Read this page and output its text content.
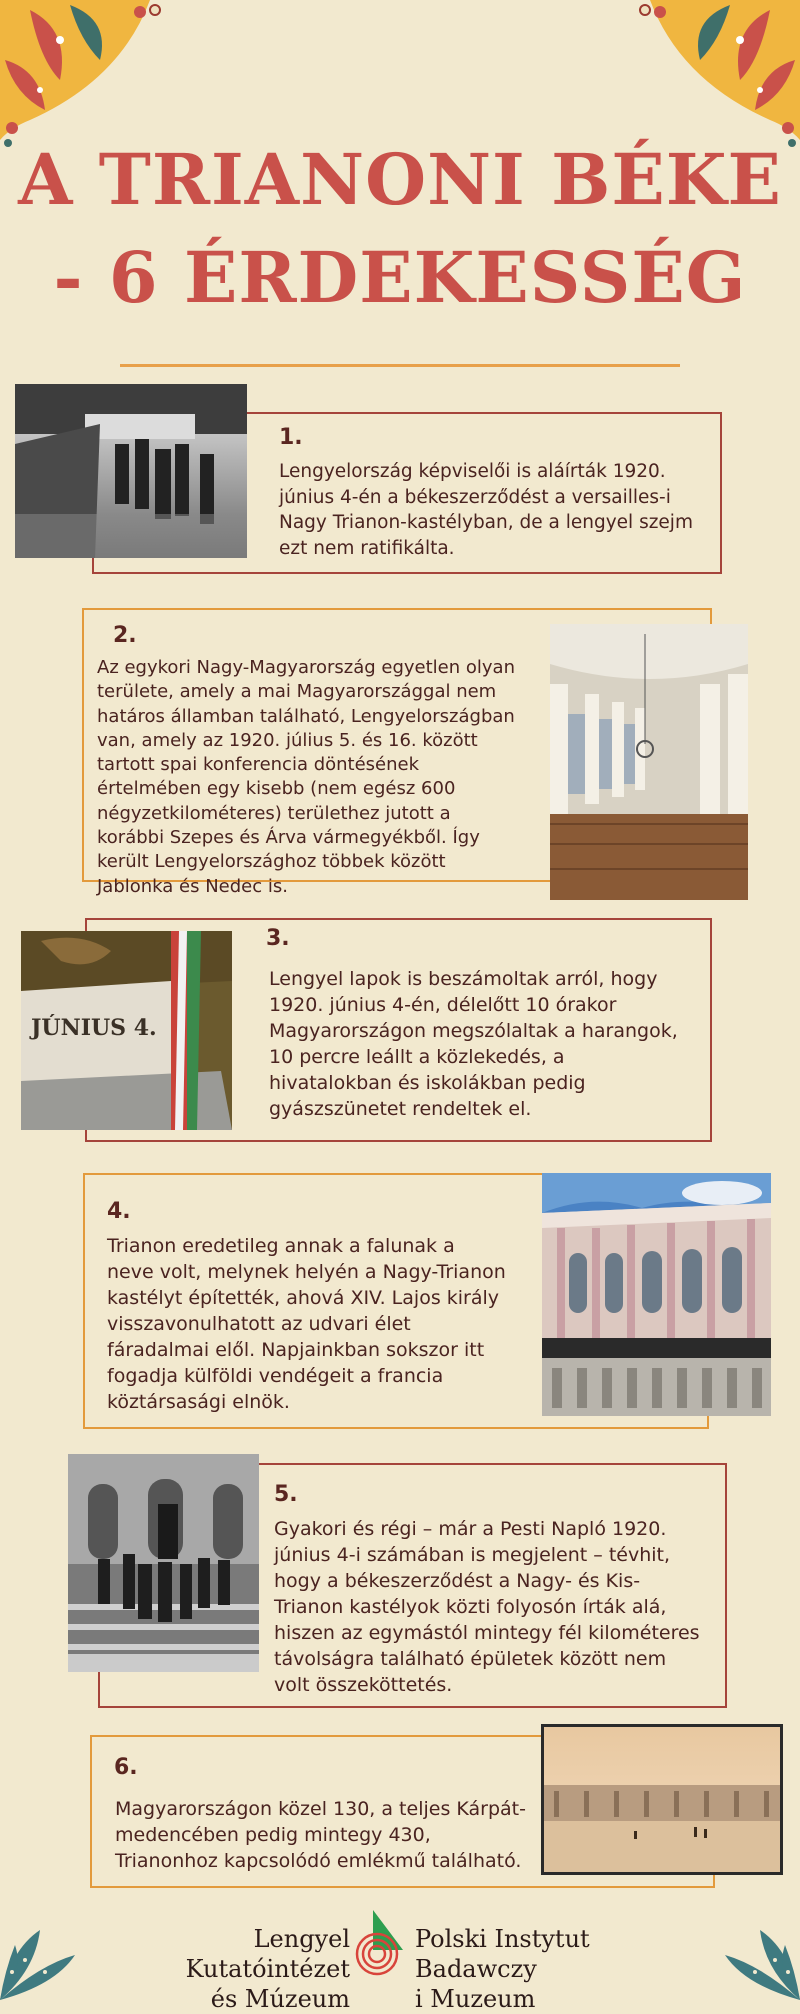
A TRIANONI BÉKE
- 6 ÉRDEKESSÉG
1.
Lengyelország képviselői is aláírták 1920. június 4-én a békeszerződést a versailles-i Nagy Trianon-kastélyban, de a lengyel szejm ezt nem ratifikálta.
2.
Az egykori Nagy-Magyarország egyetlen olyan területe, amely a mai Magyarországgal nem határos államban található, Lengyelországban van, amely az 1920. július 5. és 16. között tartott spai konferencia döntésének értelmében egy kisebb (nem egész 600 négyzetkilométeres) területhez jutott a korábbi Szepes és Árva vármegyékből. Így került Lengyelországhoz többek között Jablonka és Nedec is.
JÚNIUS 4.
3.
Lengyel lapok is beszámoltak arról, hogy 1920. június 4-én, délelőtt 10 órakor Magyarországon megszólaltak a harangok, 10 percre leállt a közlekedés, a hivatalokban és iskolákban pedig gyászszünetet rendeltek el.
4.
Trianon eredetileg annak a falunak a neve volt, melynek helyén a Nagy-Trianon kastélyt építették, ahová XIV. Lajos király visszavonulhatott az udvari élet fáradalmai elől. Napjainkban sokszor itt fogadja külföldi vendégeit a francia köztársasági elnök.
5.
Gyakori és régi – már a Pesti Napló 1920. június 4-i számában is megjelent – tévhit, hogy a békeszerződést a Nagy- és Kis-Trianon kastélyok közti folyosón írták alá, hiszen az egymástól mintegy fél kilométeres távolságra található épületek között nem volt összeköttetés.
6.
Magyarországon közel 130, a teljes Kárpát-medencében pedig mintegy 430, Trianonhoz kapcsolódó emlékmű található.
Lengyel Kutatóintézet
és Múzeum
Polski Instytut Badawczy
i Muzeum
